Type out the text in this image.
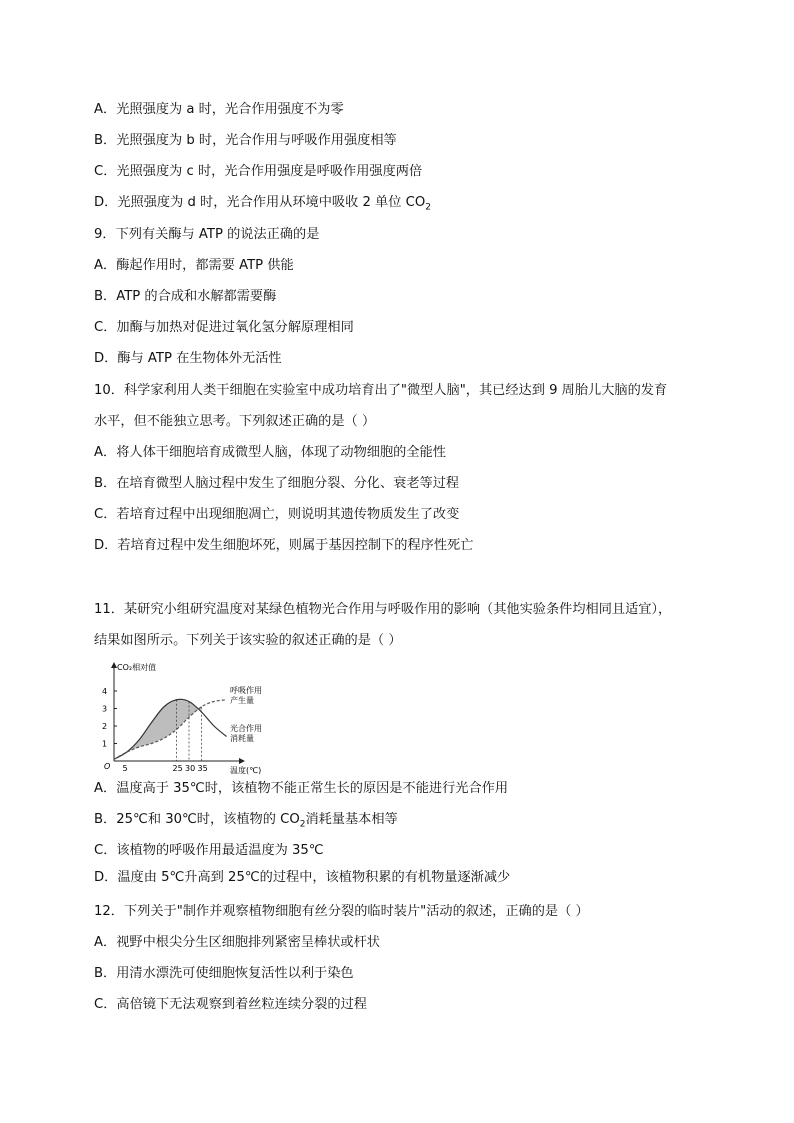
A．光照强度为 a 时，光合作用强度不为零
B．光照强度为 b 时，光合作用与呼吸作用强度相等
C．光照强度为 c 时，光合作用强度是呼吸作用强度两倍
D．光照强度为 d 时，光合作用从环境中吸收 2 单位 $CO_2$
9．下列有关酶与 ATP 的说法正确的是
A．酶起作用时，都需要 ATP 供能
B．ATP 的合成和水解都需要酶
C．加酶与加热对促进过氧化氢分解原理相同
D．酶与 ATP 在生物体外无活性
10．科学家利用人类干细胞在实验室中成功培育出了"微型人脑"，其已经达到 9 周胎儿大脑的发育
水平，但不能独立思考。下列叙述正确的是（ ）
A．将人体干细胞培育成微型人脑，体现了动物细胞的全能性
B．在培育微型人脑过程中发生了细胞分裂、分化、衰老等过程
C．若培育过程中出现细胞凋亡，则说明其遗传物质发生了改变
D．若培育过程中发生细胞坏死，则属于基因控制下的程序性死亡
11．某研究小组研究温度对某绿色植物光合作用与呼吸作用的影响（其他实验条件均相同且适宜），
结果如图所示。下列关于该实验的叙述正确的是（ ）
1
2
3
4
5	25 30 35
CO₂相对值
温度(℃)
O
呼吸作用
产生量
光合作用
消耗量
A．温度高于 35℃时，该植物不能正常生长的原因是不能进行光合作用
B．25℃和 30℃时，该植物的 $CO_2$消耗量基本相等
C．该植物的呼吸作用最适温度为 35℃
D．温度由 5℃升高到 25℃的过程中，该植物积累的有机物量逐渐减少
12．下列关于"制作并观察植物细胞有丝分裂的临时装片"活动的叙述，正确的是（ ）
A．视野中根尖分生区细胞排列紧密呈棒状或杆状
B．用清水漂洗可使细胞恢复活性以利于染色
C．高倍镜下无法观察到着丝粒连续分裂的过程
